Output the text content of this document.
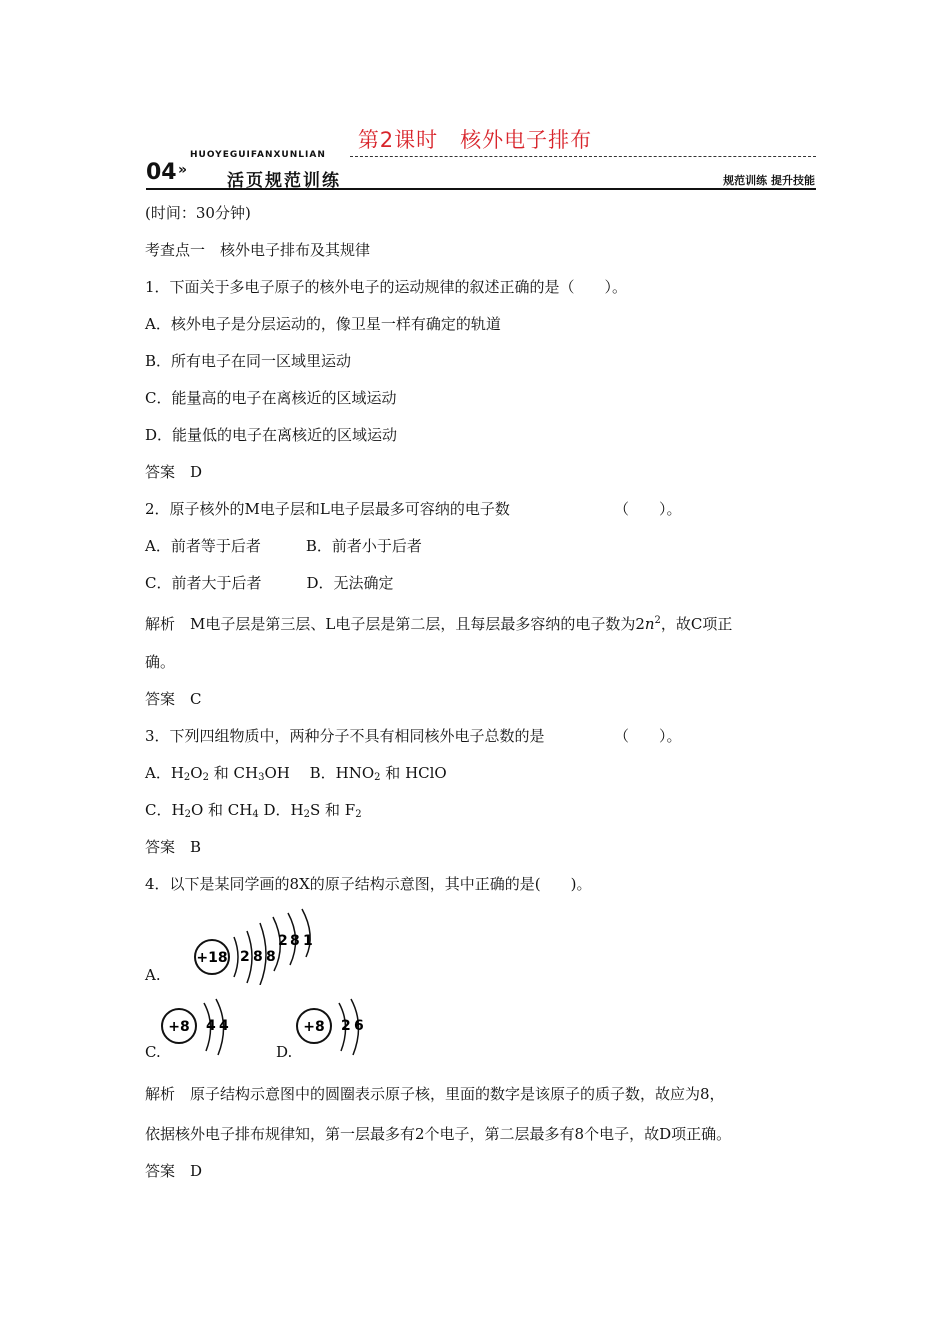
第2课时　核外电子排布
04 »
HUOYEGUIFANXUNLIAN
活页规范训练	规范训练 提升技能
(时间：30分钟)
考查点一　核外电子排布及其规律
1．下面关于多电子原子的核外电子的运动规律的叙述正确的是（　　）。
A．核外电子是分层运动的，像卫星一样有确定的轨道
B．所有电子在同一区域里运动
C．能量高的电子在离核近的区域运动
D．能量低的电子在离核近的区域运动
答案　D
2．原子核外的M电子层和L电子层最多可容纳的电子数	（　　）。
A．前者等于后者　　　B．前者小于后者
C．前者大于后者　　　D．无法确定
解析　M电子层是第三层、L电子层是第二层，且每层最多容纳的电子数为$2n^2$，故C项正
确。
答案　C
3．下列四组物质中，两种分子不具有相同核外电子总数的是	（　　）。
A．$H_2O_2$ 和 $CH_3OH$　 B．$HNO_2$ 和 HClO
C．$H_2O$ 和 $CH_4$ D．$H_2S$ 和 $F_2$
答案　B
4．以下是某同学画的8X的原子结构示意图，其中正确的是(　　)。
A.
+18 2 8 8
2 8 1
C.
+8 4 4
D.
+8 2 6
解析　原子结构示意图中的圆圈表示原子核，里面的数字是该原子的质子数，故应为8，
依据核外电子排布规律知，第一层最多有2个电子，第二层最多有8个电子，故D项正确。
答案　D
